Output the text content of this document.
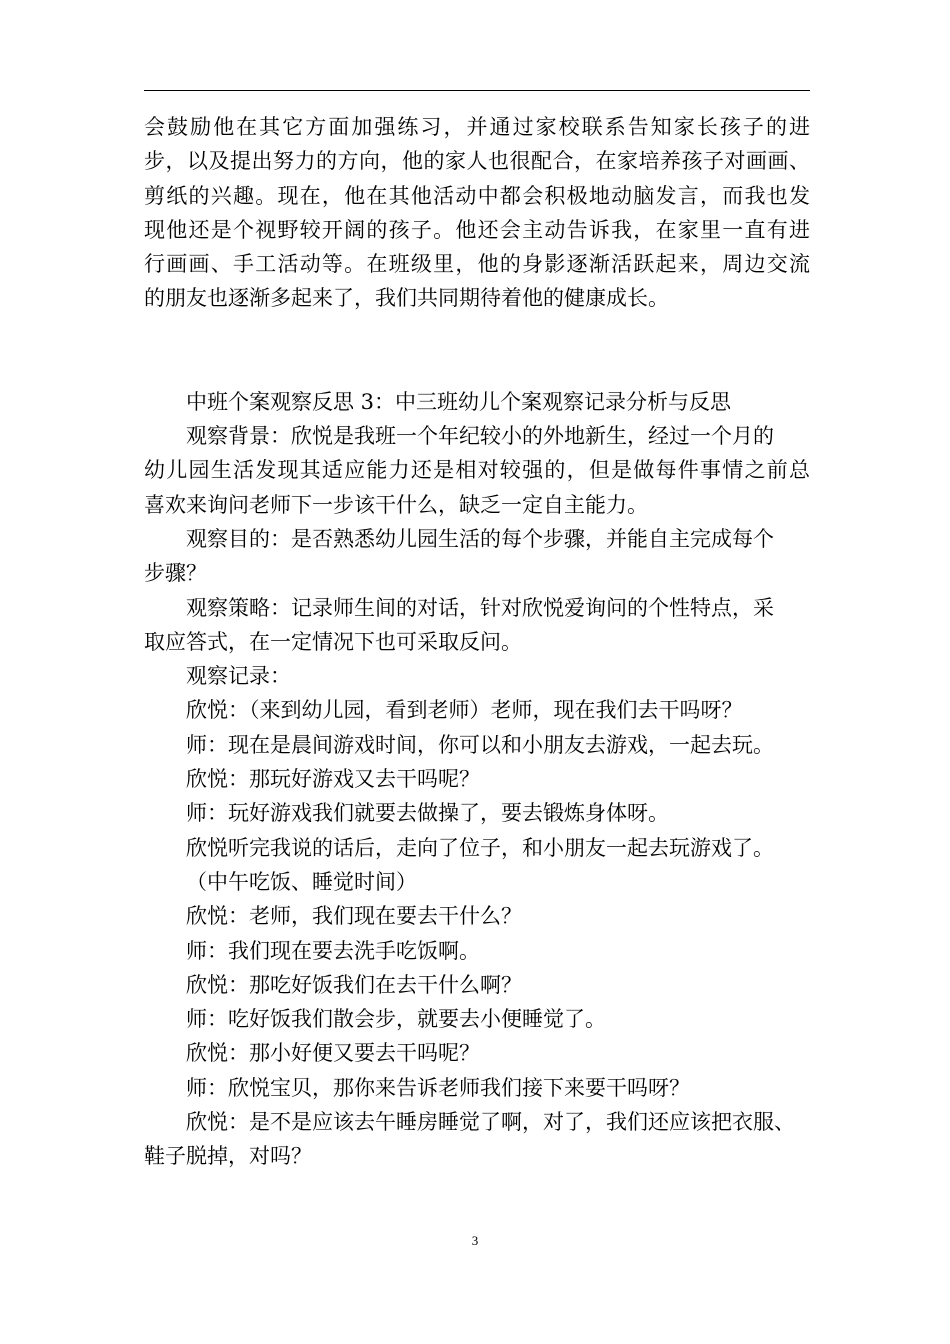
会鼓励他在其它方面加强练习，并通过家校联系告知家长孩子的进
步，以及提出努力的方向，他的家人也很配合，在家培养孩子对画画、
剪纸的兴趣。现在，他在其他活动中都会积极地动脑发言，而我也发
现他还是个视野较开阔的孩子。他还会主动告诉我，在家里一直有进
行画画、手工活动等。在班级里，他的身影逐渐活跃起来，周边交流
的朋友也逐渐多起来了，我们共同期待着他的健康成长。
中班个案观察反思 3：中三班幼儿个案观察记录分析与反思
观察背景：欣悦是我班一个年纪较小的外地新生，经过一个月的
幼儿园生活发现其适应能力还是相对较强的，但是做每件事情之前总
喜欢来询问老师下一步该干什么，缺乏一定自主能力。
观察目的：是否熟悉幼儿园生活的每个步骤，并能自主完成每个
步骤？
观察策略：记录师生间的对话，针对欣悦爱询问的个性特点，采
取应答式，在一定情况下也可采取反问。
观察记录：
欣悦：（来到幼儿园，看到老师）老师，现在我们去干吗呀？
师：现在是晨间游戏时间，你可以和小朋友去游戏，一起去玩。
欣悦：那玩好游戏又去干吗呢？
师：玩好游戏我们就要去做操了，要去锻炼身体呀。
欣悦听完我说的话后，走向了位子，和小朋友一起去玩游戏了。
（中午吃饭、睡觉时间）
欣悦：老师，我们现在要去干什么？
师：我们现在要去洗手吃饭啊。
欣悦：那吃好饭我们在去干什么啊？
师：吃好饭我们散会步，就要去小便睡觉了。
欣悦：那小好便又要去干吗呢？
师：欣悦宝贝，那你来告诉老师我们接下来要干吗呀？
欣悦：是不是应该去午睡房睡觉了啊，对了，我们还应该把衣服、
鞋子脱掉，对吗？
3
